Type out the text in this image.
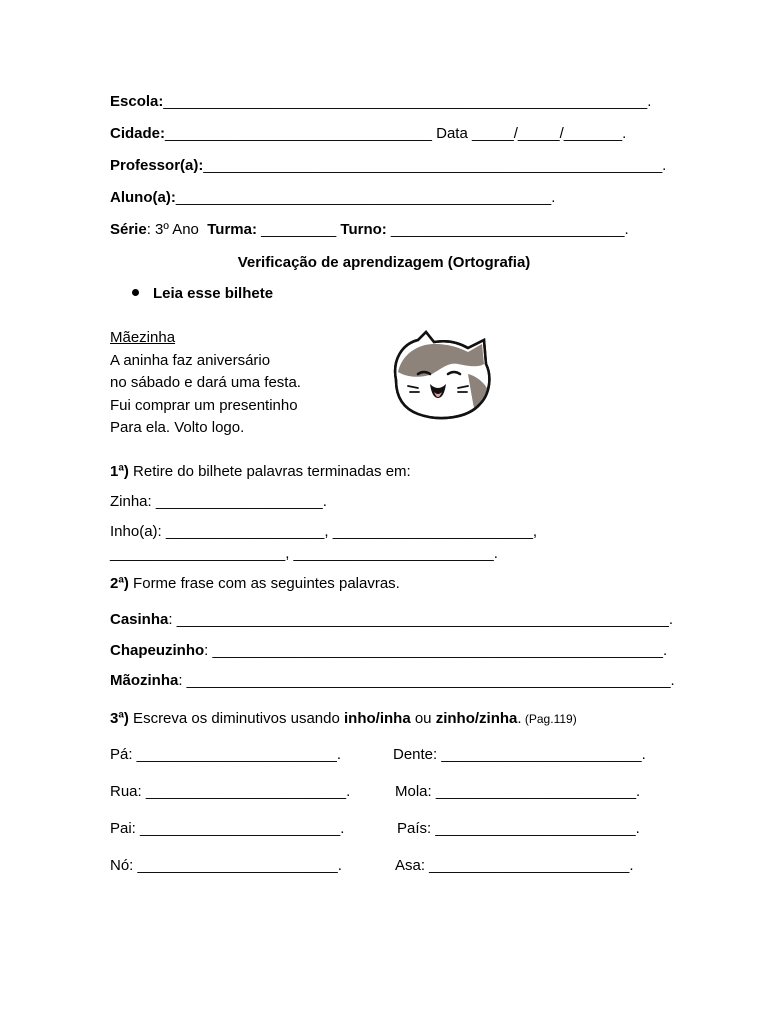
Escola:__________________________________________________________.
Cidade:________________________________ Data _____/_____/_______.
Professor(a):_______________________________________________________.
Aluno(a):_____________________________________________.
Série: 3º Ano  Turma: _________ Turno: ____________________________.
Verificação de aprendizagem (Ortografia)
Leia esse bilhete
Mãezinha
A aninha faz aniversário
no sábado e dará uma festa.
Fui comprar um presentinho
Para ela. Volto logo.
1ª) Retire do bilhete palavras terminadas em:
Zinha: ____________________.
Inho(a): ___________________, ________________________,
_____________________, ________________________.
2ª) Forme frase com as seguintes palavras.
Casinha: ___________________________________________________________.
Chapeuzinho: ______________________________________________________.
Mãozinha: __________________________________________________________.
3ª) Escreva os diminutivos usando inho/inha ou zinho/zinha. (Pag.119)
Pá: ________________________.	Dente: ________________________.
Rua: ________________________.	Mola: ________________________.
Pai: ________________________.	País: ________________________.
Nó: ________________________.	Asa: ________________________.
